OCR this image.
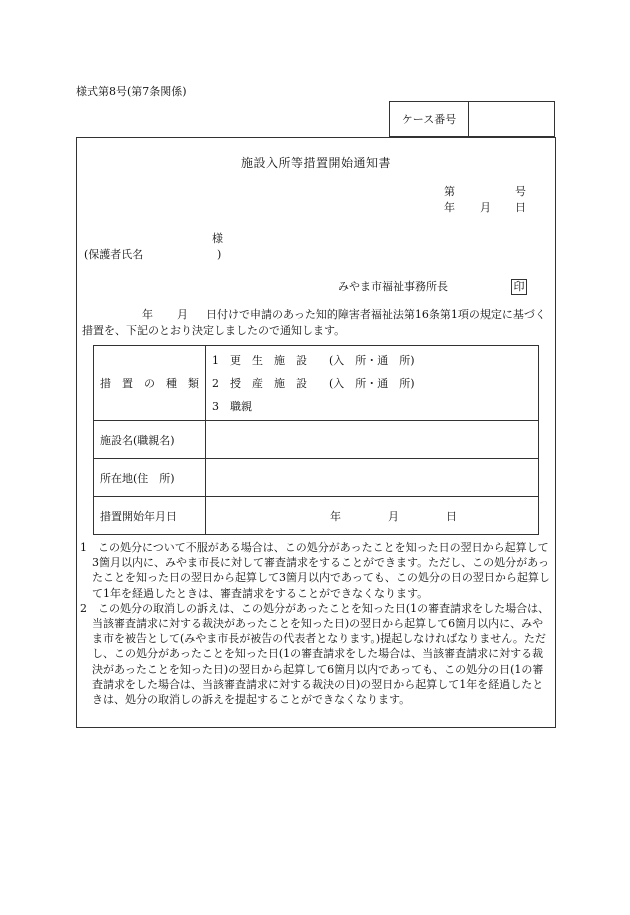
様式第8号(第7条関係)
ケース番号
施設入所等措置開始通知書
第	号
年 月 日
様
(保護者氏名	)
みやま市福祉事務所長	印
年 月 日付けで申請のあった知的障害者福祉法第16条第1項の規定に基づく措置を、下記のとおり決定しましたので通知します。
措　置　の　種　類	1　更　生　施　設　　(入　所・通　所)
2　授　産　施　設　　(入　所・通　所)
3　職親

施設名(職親名)	
所在地(住　所)	
措置開始年月日	年 月 日
1　この処分について不服がある場合は、この処分があったことを知った日の翌日から起算して3箇月以内に、みやま市長に対して審査請求をすることができます。ただし、この処分があったことを知った日の翌日から起算して3箇月以内であっても、この処分の日の翌日から起算して1年を経過したときは、審査請求をすることができなくなります。
2　この処分の取消しの訴えは、この処分があったことを知った日(1の審査請求をした場合は、当該審査請求に対する裁決があったことを知った日)の翌日から起算して6箇月以内に、みやま市を被告として(みやま市長が被告の代表者となります。)提起しなければなりません。ただし、この処分があったことを知った日(1の審査請求をした場合は、当該審査請求に対する裁決があったことを知った日)の翌日から起算して6箇月以内であっても、この処分の日(1の審査請求をした場合は、当該審査請求に対する裁決の日)の翌日から起算して1年を経過したときは、処分の取消しの訴えを提起することができなくなります。
